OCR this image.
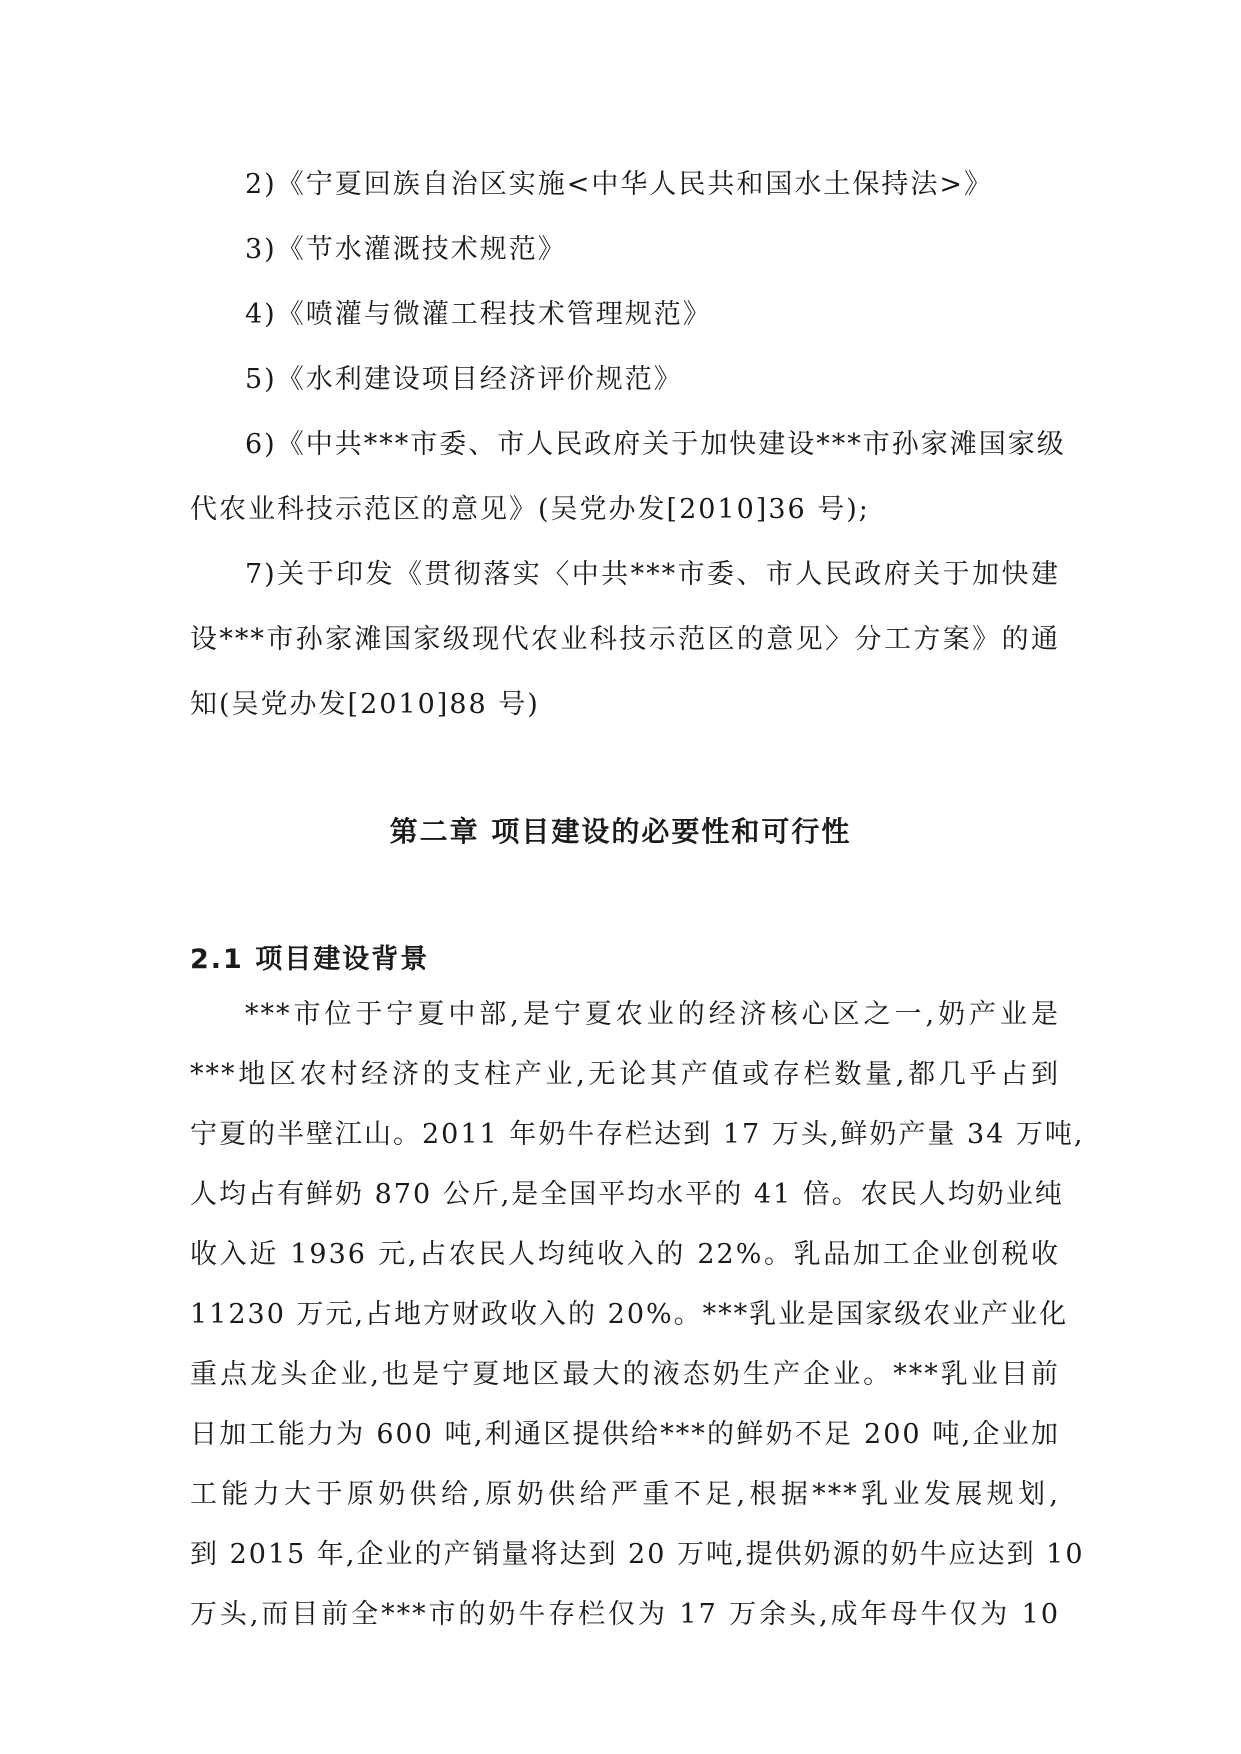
2)《宁夏回族自治区实施<中华人民共和国水土保持法>》
3)《节水灌溉技术规范》
4)《喷灌与微灌工程技术管理规范》
5)《水利建设项目经济评价规范》
6)《中共***市委、市人民政府关于加快建设***市孙家滩国家级
代农业科技示范区的意见》(吴党办发[2010]36 号);
7)关于印发《贯彻落实〈中共***市委、市人民政府关于加快建
设***市孙家滩国家级现代农业科技示范区的意见〉分工方案》的通
知(吴党办发[2010]88 号)
第二章 项目建设的必要性和可行性
2.1 项目建设背景
***市位于宁夏中部,是宁夏农业的经济核心区之一,奶产业是
***地区农村经济的支柱产业,无论其产值或存栏数量,都几乎占到
宁夏的半壁江山。2011 年奶牛存栏达到 17 万头,鲜奶产量 34 万吨,
人均占有鲜奶 870 公斤,是全国平均水平的 41 倍。农民人均奶业纯
收入近 1936 元,占农民人均纯收入的 22%。乳品加工企业创税收
11230 万元,占地方财政收入的 20%。***乳业是国家级农业产业化
重点龙头企业,也是宁夏地区最大的液态奶生产企业。***乳业目前
日加工能力为 600 吨,利通区提供给***的鲜奶不足 200 吨,企业加
工能力大于原奶供给,原奶供给严重不足,根据***乳业发展规划,
到 2015 年,企业的产销量将达到 20 万吨,提供奶源的奶牛应达到 10
万头,而目前全***市的奶牛存栏仅为 17 万余头,成年母牛仅为 10
